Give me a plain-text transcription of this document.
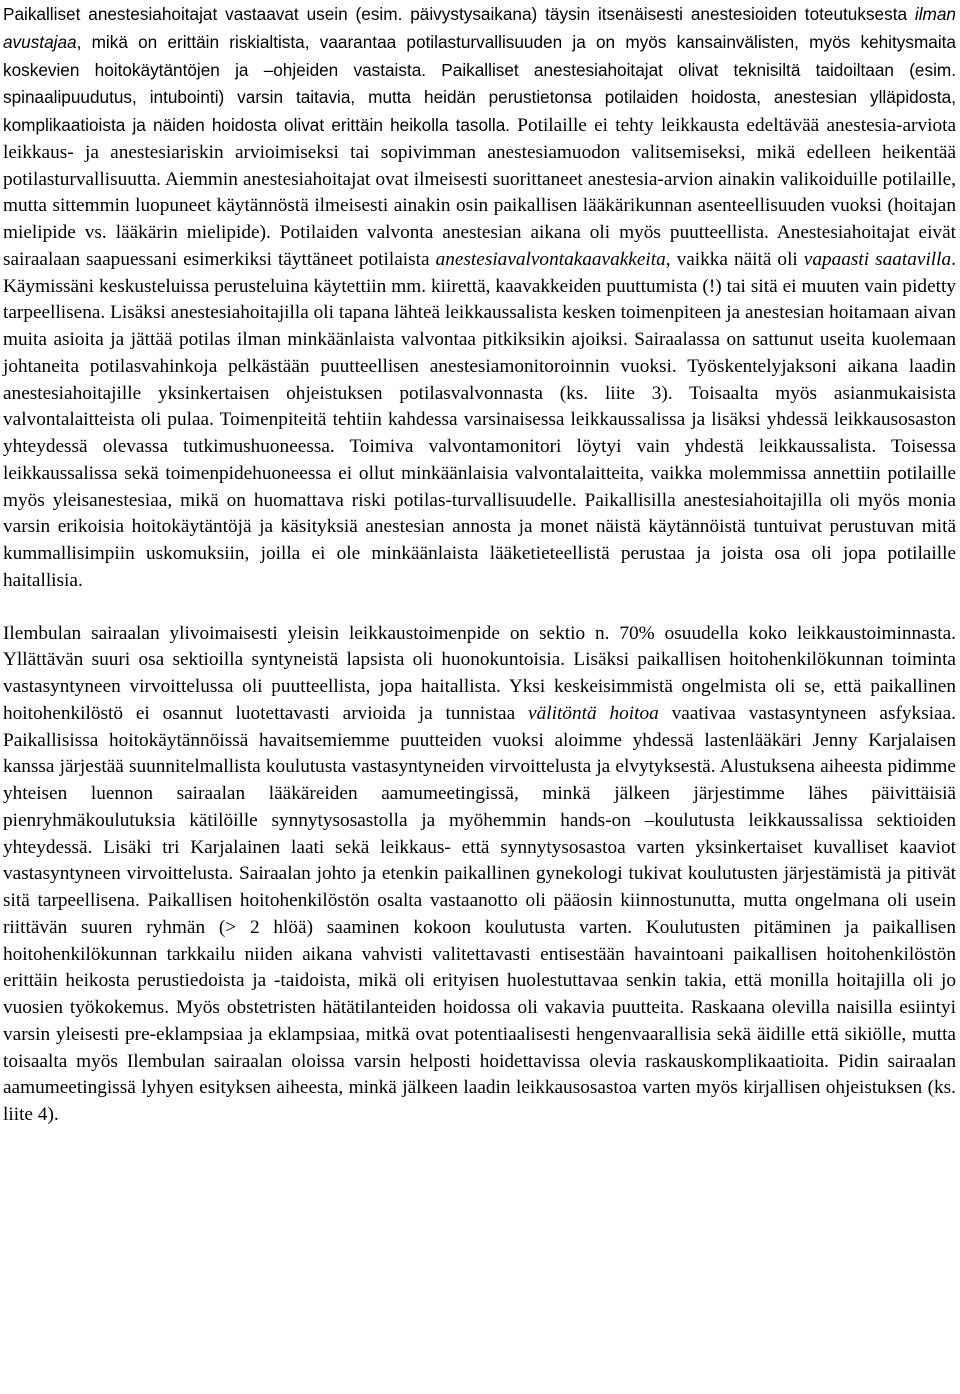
Paikalliset anestesiahoitajat vastaavat usein (esim. päivystysaikana) täysin itsenäisesti anestesioiden toteutuksesta ilman avustajaa, mikä on erittäin riskialtista, vaarantaa potilasturvallisuuden ja on myös kansainvälisten, myös kehitysmaita koskevien hoitokäytäntöjen ja –ohjeiden vastaista. Paikalliset anestesiahoitajat olivat teknisiltä taidoiltaan (esim. spinaalipuudutus, intubointi) varsin taitavia, mutta heidän perustietonsa potilaiden hoidosta, anestesian ylläpidosta, komplikaatioista ja näiden hoidosta olivat erittäin heikolla tasolla. Potilaille ei tehty leikkausta edeltävää anestesia-arviota leikkaus- ja anestesiariskin arvioimiseksi tai sopivimman anestesiamuodon valitsemiseksi, mikä edelleen heikentää potilasturvallisuutta. Aiemmin anestesiahoitajat ovat ilmeisesti suorittaneet anestesia-arvion ainakin valikoiduille potilaille, mutta sittemmin luopuneet käytännöstä ilmeisesti ainakin osin paikallisen lääkärikunnan asenteellisuuden vuoksi (hoitajan mielipide vs. lääkärin mielipide). Potilaiden valvonta anestesian aikana oli myös puutteellista. Anestesiahoitajat eivät sairaalaan saapuessani esimerkiksi täyttäneet potilaista anestesiavalvontakaavakkeita, vaikka näitä oli vapaasti saatavilla. Käymissäni keskusteluissa perusteluina käytettiin mm. kiirettä, kaavakkeiden puuttumista (!) tai sitä ei muuten vain pidetty tarpeellisena. Lisäksi anestesiahoitajilla oli tapana lähteä leikkaussalista kesken toimenpiteen ja anestesian hoitamaan aivan muita asioita ja jättää potilas ilman minkäänlaista valvontaa pitkiksikin ajoiksi. Sairaalassa on sattunut useita kuolemaan johtaneita potilasvahinkoja pelkästään puutteellisen anestesiamonitoroinnin vuoksi. Työskentelyjaksoni aikana laadin anestesiahoitajille yksinkertaisen ohjeistuksen potilasvalvonnasta (ks. liite 3). Toisaalta myös asianmukaisista valvontalaitteista oli pulaa. Toimenpiteitä tehtiin kahdessa varsinaisessa leikkaussalissa ja lisäksi yhdessä leikkausosaston yhteydessä olevassa tutkimushuoneessa. Toimiva valvontamonitori löytyi vain yhdestä leikkaussalista. Toisessa leikkaussalissa sekä toimenpidehuoneessa ei ollut minkäänlaisia valvontalaitteita, vaikka molemmissa annettiin potilaille myös yleisanestesiaa, mikä on huomattava riski potilas-turvallisuudelle. Paikallisilla anestesiahoitajilla oli myös monia varsin erikoisia hoitokäytäntöjä ja käsityksiä anestesian annosta ja monet näistä käytännöistä tuntuivat perustuvan mitä kummallisimpiin uskomuksiin, joilla ei ole minkäänlaista lääketieteellistä perustaa ja joista osa oli jopa potilaille haitallisia.

Ilembulan sairaalan ylivoimaisesti yleisin leikkaustoimenpide on sektio n. 70% osuudella koko leikkaustoiminnasta. Yllättävän suuri osa sektioilla syntyneistä lapsista oli huonokuntoisia. Lisäksi paikallisen hoitohenkilökunnan toiminta vastasyntyneen virvoittelussa oli puutteellista, jopa haitallista. Yksi keskeisimmistä ongelmista oli se, että paikallinen hoitohenkilöstö ei osannut luotettavasti arvioida ja tunnistaa välitöntä hoitoa vaativaa vastasyntyneen asfyksiaa. Paikallisissa hoitokäytännöissä havaitsemiemme puutteiden vuoksi aloimme yhdessä lastenlääkäri Jenny Karjalaisen kanssa järjestää suunnitelmallista koulutusta vastasyntyneiden virvoittelusta ja elvytyksestä. Alustuksena aiheesta pidimme yhteisen luennon sairaalan lääkäreiden aamumeetingissä, minkä jälkeen järjestimme lähes päivittäisiä pienryhmäkoulutuksia kätilöille synnytysosastolla ja myöhemmin hands-on –koulutusta leikkaussalissa sektioiden yhteydessä. Lisäki tri Karjalainen laati sekä leikkaus- että synnytysosastoa varten yksinkertaiset kuvalliset kaaviot vastasyntyneen virvoittelusta. Sairaalan johto ja etenkin paikallinen gynekologi tukivat koulutusten järjestämistä ja pitivät sitä tarpeellisena. Paikallisen hoitohenkilöstön osalta vastaanotto oli pääosin kiinnostunutta, mutta ongelmana oli usein riittävän suuren ryhmän (> 2 hlöä) saaminen kokoon koulutusta varten. Koulutusten pitäminen ja paikallisen hoitohenkilökunnan tarkkailu niiden aikana vahvisti valitettavasti entisestään havaintoani paikallisen hoitohenkilöstön erittäin heikosta perustiedoista ja -taidoista, mikä oli erityisen huolestuttavaa senkin takia, että monilla hoitajilla oli jo vuosien työkokemus. Myös obstetristen hätätilanteiden hoidossa oli vakavia puutteita. Raskaana olevilla naisilla esiintyi varsin yleisesti pre-eklampsiaa ja eklampsiaa, mitkä ovat potentiaalisesti hengenvaarallisia sekä äidille että sikiölle, mutta toisaalta myös Ilembulan sairaalan oloissa varsin helposti hoidettavissa olevia raskauskomplikaatioita. Pidin sairaalan aamumeetingissä lyhyen esityksen aiheesta, minkä jälkeen laadin leikkausosastoa varten myös kirjallisen ohjeistuksen (ks. liite 4).
